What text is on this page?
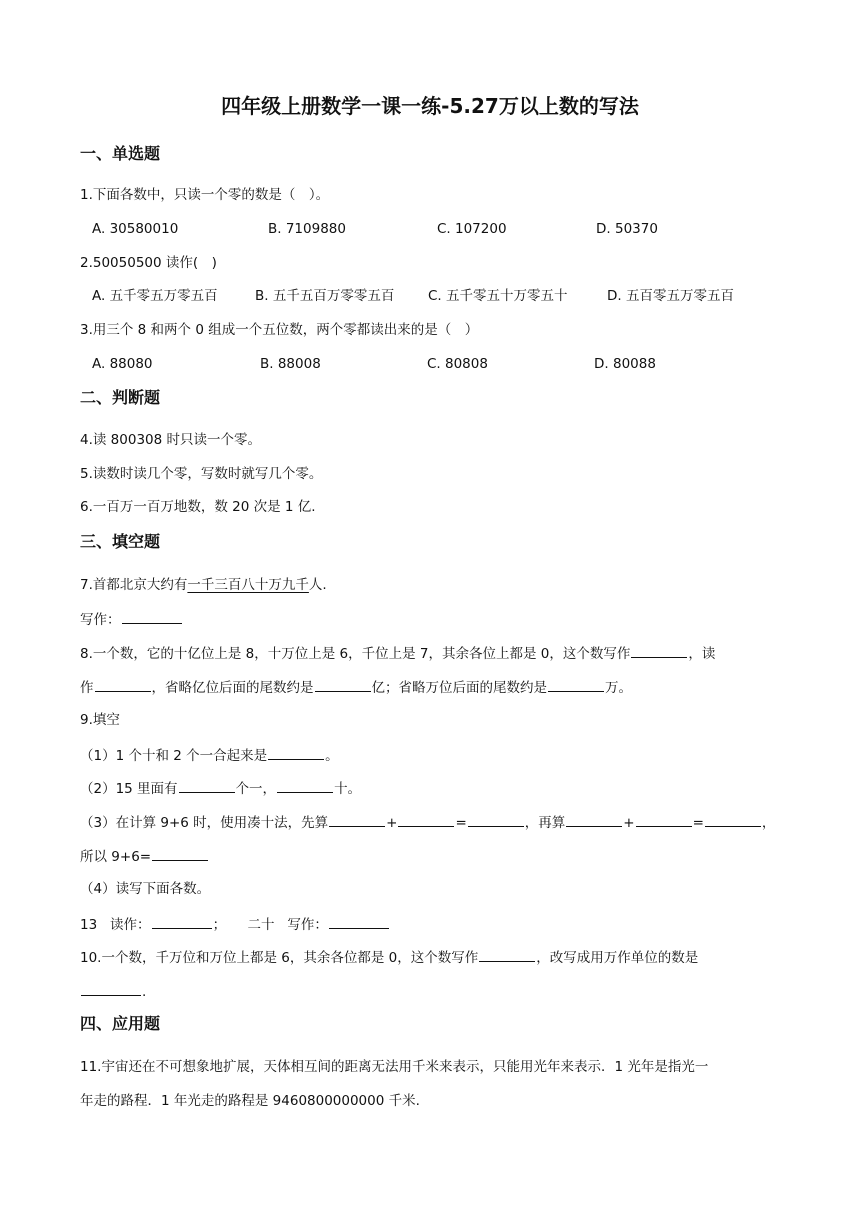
四年级上册数学一课一练-5.27万以上数的写法
一、单选题
1.下面各数中，只读一个零的数是（　）。
A. 30580010	B. 7109880	C. 107200	D. 50370
2.50050500 读作(　)
A. 五千零五万零五百	B. 五千五百万零零五百 C. 五千零五十万零五十	D. 五百零五万零五百
3.用三个 8 和两个 0 组成一个五位数，两个零都读出来的是（　）
A. 88080	B. 88008	C. 80808	D. 80088
二、判断题
4.读 800308 时只读一个零。
5.读数时读几个零，写数时就写几个零。
6.一百万一百万地数，数 20 次是 1 亿.
三、填空题
7.首都北京大约有一千三百八十万九千人.
写作：
8.一个数，它的十亿位上是 8，十万位上是 6，千位上是 7，其余各位上都是 0，这个数写作	，读
作	，省略亿位后面的尾数约是	亿；省略万位后面的尾数约是	万。
9.填空
（1）1 个十和 2 个一合起来是	。
（2）15 里面有	个一，	十。
（3）在计算 9+6 时，使用凑十法，先算	+	=	，再算	+	=	，
所以 9+6=
（4）读写下面各数。
13   读作：	；     二十   写作：
10.一个数，千万位和万位上都是 6，其余各位都是 0，这个数写作	，改写成用万作单位的数是
.
四、应用题
11.宇宙还在不可想象地扩展，天体相互间的距离无法用千米来表示，只能用光年来表示．1 光年是指光一
年走的路程．1 年光走的路程是 9460800000000 千米.
